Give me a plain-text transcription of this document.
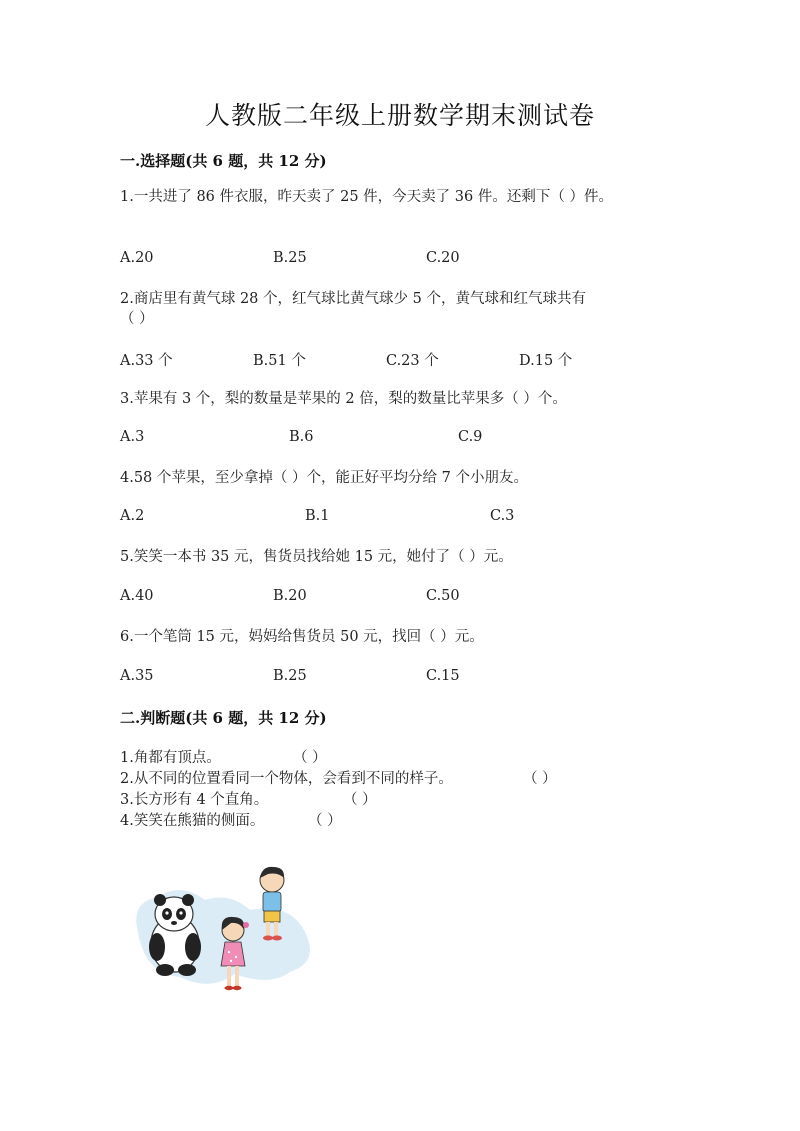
人教版二年级上册数学期末测试卷
一.选择题(共 6 题，共 12 分)
1.一共进了 86 件衣服，昨天卖了 25 件，今天卖了 36 件。还剩下（ ）件。
A.20	B.25	C.20
2.商店里有黄气球 28 个，红气球比黄气球少 5 个，黄气球和红气球共有
（ ）
A.33 个	B.51 个	C.23 个	D.15 个
3.苹果有 3 个，梨的数量是苹果的 2 倍，梨的数量比苹果多（ ）个。
A.3	B.6	C.9
4.58 个苹果，至少拿掉（ ）个，能正好平均分给 7 个小朋友。
A.2	B.1	C.3
5.笑笑一本书 35 元，售货员找给她 15 元，她付了（ ）元。
A.40	B.20	C.50
6.一个笔筒 15 元，妈妈给售货员 50 元，找回（ ）元。
A.35	B.25	C.15
二.判断题(共 6 题，共 12 分)
1.角都有顶点。	（ ）
2.从不同的位置看同一个物体，会看到不同的样子。	（ ）
3.长方形有 4 个直角。	（ ）
4.笑笑在熊猫的侧面。	（ ）
